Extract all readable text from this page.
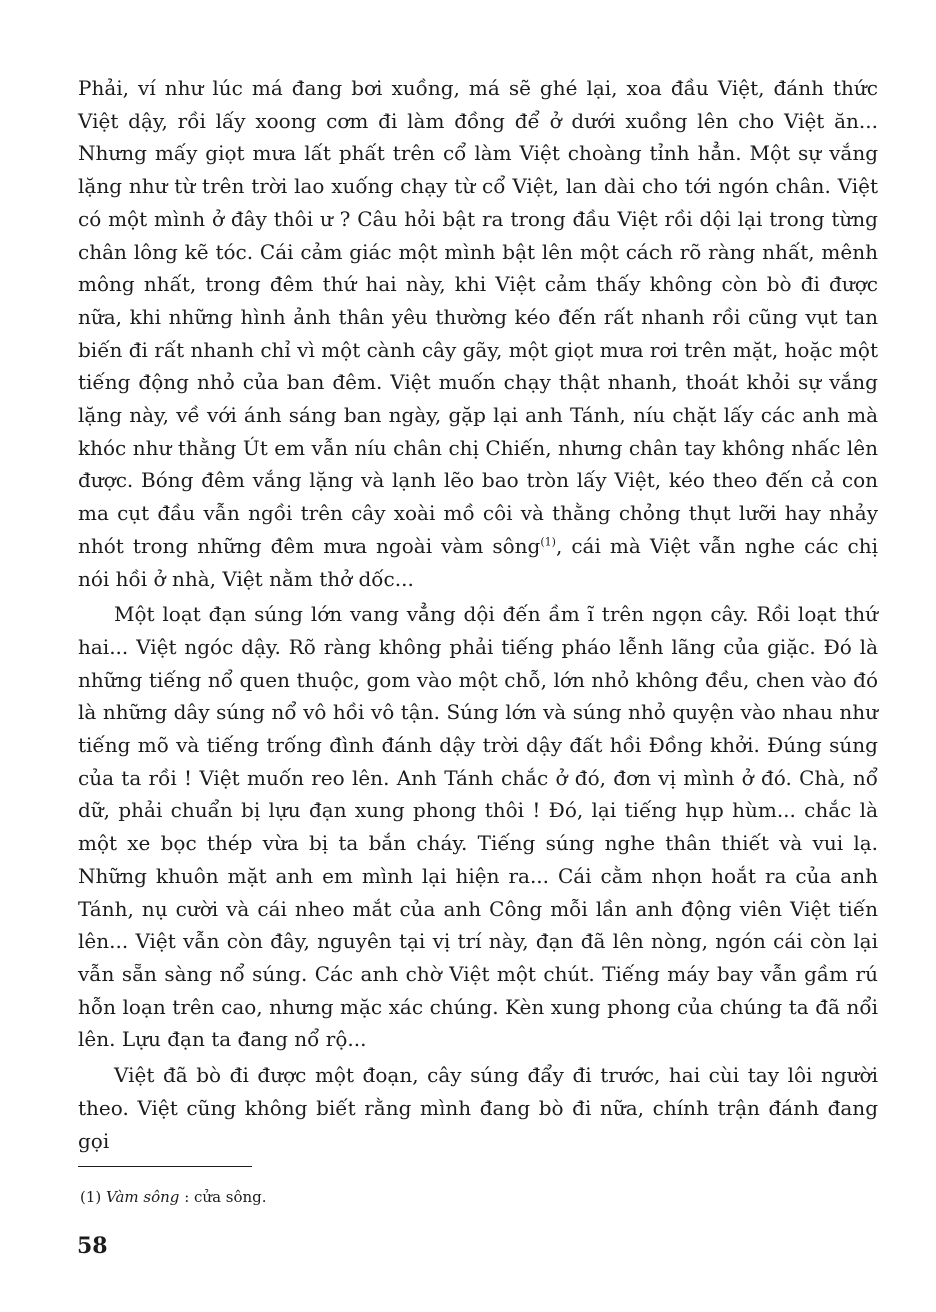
Phải, ví như lúc má đang bơi xuồng, má sẽ ghé lại, xoa đầu Việt, đánh thức Việt dậy, rồi lấy xoong cơm đi làm đồng để ở dưới xuồng lên cho Việt ăn... Nhưng mấy giọt mưa lất phất trên cổ làm Việt choàng tỉnh hẳn. Một sự vắng lặng như từ trên trời lao xuống chạy từ cổ Việt, lan dài cho tới ngón chân. Việt có một mình ở đây thôi ư ? Câu hỏi bật ra trong đầu Việt rồi dội lại trong từng chân lông kẽ tóc. Cái cảm giác một mình bật lên một cách rõ ràng nhất, mênh mông nhất, trong đêm thứ hai này, khi Việt cảm thấy không còn bò đi được nữa, khi những hình ảnh thân yêu thường kéo đến rất nhanh rồi cũng vụt tan biến đi rất nhanh chỉ vì một cành cây gãy, một giọt mưa rơi trên mặt, hoặc một tiếng động nhỏ của ban đêm. Việt muốn chạy thật nhanh, thoát khỏi sự vắng lặng này, về với ánh sáng ban ngày, gặp lại anh Tánh, níu chặt lấy các anh mà khóc như thằng Út em vẫn níu chân chị Chiến, nhưng chân tay không nhấc lên được. Bóng đêm vắng lặng và lạnh lẽo bao tròn lấy Việt, kéo theo đến cả con ma cụt đầu vẫn ngồi trên cây xoài mồ côi và thằng chỏng thụt lưỡi hay nhảy nhót trong những đêm mưa ngoài vàm sông$^{(1)}$, cái mà Việt vẫn nghe các chị nói hồi ở nhà, Việt nằm thở dốc...

Một loạt đạn súng lớn vang vẳng dội đến ầm ĩ trên ngọn cây. Rồi loạt thứ hai... Việt ngóc dậy. Rõ ràng không phải tiếng pháo lễnh lãng của giặc. Đó là những tiếng nổ quen thuộc, gom vào một chỗ, lớn nhỏ không đều, chen vào đó là những dây súng nổ vô hồi vô tận. Súng lớn và súng nhỏ quyện vào nhau như tiếng mõ và tiếng trống đình đánh dậy trời dậy đất hồi Đồng khởi. Đúng súng của ta rồi ! Việt muốn reo lên. Anh Tánh chắc ở đó, đơn vị mình ở đó. Chà, nổ dữ, phải chuẩn bị lựu đạn xung phong thôi ! Đó, lại tiếng hụp hùm... chắc là một xe bọc thép vừa bị ta bắn cháy. Tiếng súng nghe thân thiết và vui lạ. Những khuôn mặt anh em mình lại hiện ra... Cái cằm nhọn hoắt ra của anh Tánh, nụ cười và cái nheo mắt của anh Công mỗi lần anh động viên Việt tiến lên... Việt vẫn còn đây, nguyên tại vị trí này, đạn đã lên nòng, ngón cái còn lại vẫn sẵn sàng nổ súng. Các anh chờ Việt một chút. Tiếng máy bay vẫn gầm rú hỗn loạn trên cao, nhưng mặc xác chúng. Kèn xung phong của chúng ta đã nổi lên. Lựu đạn ta đang nổ rộ...

Việt đã bò đi được một đoạn, cây súng đẩy đi trước, hai cùi tay lôi người theo. Việt cũng không biết rằng mình đang bò đi nữa, chính trận đánh đang gọi

(1) Vàm sông : cửa sông.
58
